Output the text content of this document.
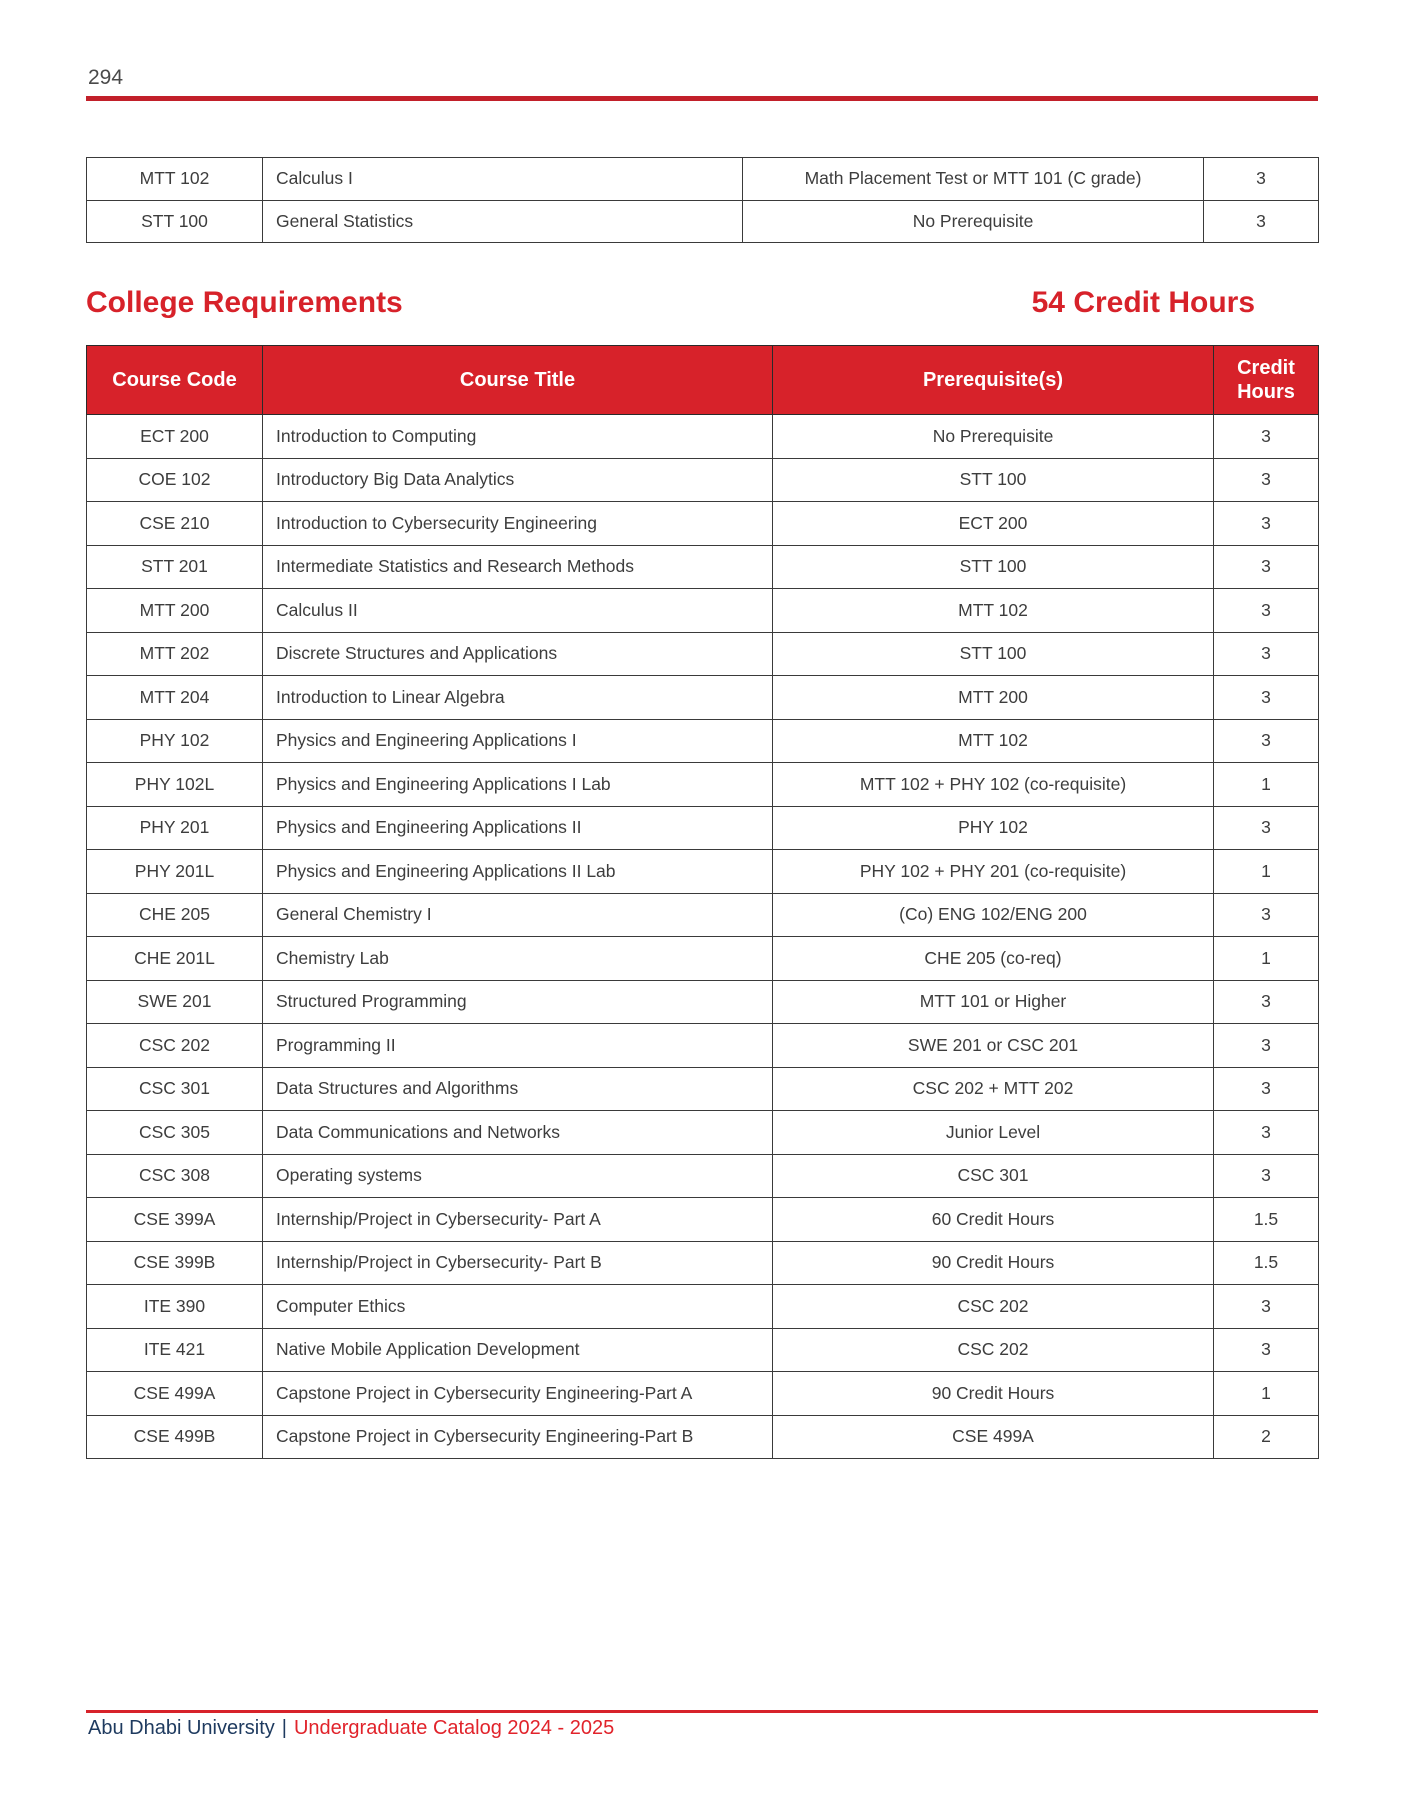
294
MTT 102	Calculus I	Math Placement Test or MTT 101 (C grade)	3
STT 100	General Statistics	No Prerequisite	3
College Requirements	54 Credit Hours
Course Code	Course Title	Prerequisite(s)	Credit Hours
ECT 200	Introduction to Computing	No Prerequisite	3
COE 102	Introductory Big Data Analytics	STT 100	3
CSE 210	Introduction to Cybersecurity Engineering	ECT 200	3
STT 201	Intermediate Statistics and Research Methods	STT 100	3
MTT 200	Calculus II	MTT 102	3
MTT 202	Discrete Structures and Applications	STT 100	3
MTT 204	Introduction to Linear Algebra	MTT 200	3
PHY 102	Physics and Engineering Applications I	MTT 102	3
PHY 102L	Physics and Engineering Applications I Lab	MTT 102 + PHY 102 (co-requisite)	1
PHY 201	Physics and Engineering Applications II	PHY 102	3
PHY 201L	Physics and Engineering Applications II Lab	PHY 102 + PHY 201 (co-requisite)	1
CHE 205	General Chemistry I	(Co) ENG 102/ENG 200	3
CHE 201L	Chemistry Lab	CHE 205 (co-req)	1
SWE 201	Structured Programming	MTT 101 or Higher	3
CSC 202	Programming II	SWE 201 or CSC 201	3
CSC 301	Data Structures and Algorithms	CSC 202 + MTT 202	3
CSC 305	Data Communications and Networks	Junior Level	3
CSC 308	Operating systems	CSC 301	3
CSE 399A	Internship/Project in Cybersecurity- Part A	60 Credit Hours	1.5
CSE 399B	Internship/Project in Cybersecurity- Part B	90 Credit Hours	1.5
ITE 390	Computer Ethics	CSC 202	3
ITE 421	Native Mobile Application Development	CSC 202	3
CSE 499A	Capstone Project in Cybersecurity Engineering-Part A	90 Credit Hours	1
CSE 499B	Capstone Project in Cybersecurity Engineering-Part B	CSE 499A	2
Abu Dhabi University | Undergraduate Catalog 2024 - 2025
